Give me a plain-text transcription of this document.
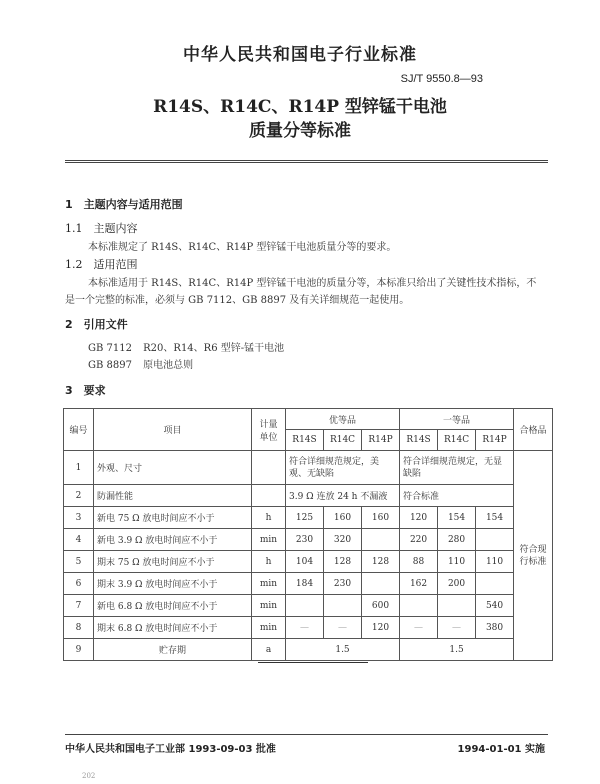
中华人民共和国电子行业标准
SJ/T 9550.8—93
R14S、R14C、R14P 型锌锰干电池
质量分等标准
1　主题内容与适用范围
1.1　主题内容
本标准规定了 R14S、R14C、R14P 型锌锰干电池质量分等的要求。
1.2　适用范围
本标准适用于 R14S、R14C、R14P 型锌锰干电池的质量分等，本标准只给出了关键性技术指标，不
是一个完整的标准，必须与 GB 7112、GB 8897 及有关详细规范一起使用。
2　引用文件
GB 7112 R20、R14、R6 型锌-锰干电池
GB 8897 原电池总则
3　要求
编号	项目	计量
单位	优等品			一等品			合格品
			R14S	R14C	R14P	R14S	R14C	R14P	
1	外观、尺寸		符合详细规范规定，美观、无缺陷			符合详细规范规定，无显缺陷			符合现行标准
2	防漏性能		3.9 Ω 连放 24 h 不漏液			符合标准			
3	新电 75 Ω 放电时间应不小于	h	125	160	160	120	154	154	
4	新电 3.9 Ω 放电时间应不小于	min	230	320		220	280		
5	期末 75 Ω 放电时间应不小于	h	104	128	128	88	110	110	
6	期末 3.9 Ω 放电时间应不小于	min	184	230		162	200		
7	新电 6.8 Ω 放电时间应不小于	min			600			540	
8	期末 6.8 Ω 放电时间应不小于	min	—	—	120	—	—	380	
9	贮存期	a	1.5			1.5			
中华人民共和国电子工业部 1993-09-03 批准	1994-01-01 实施
202
